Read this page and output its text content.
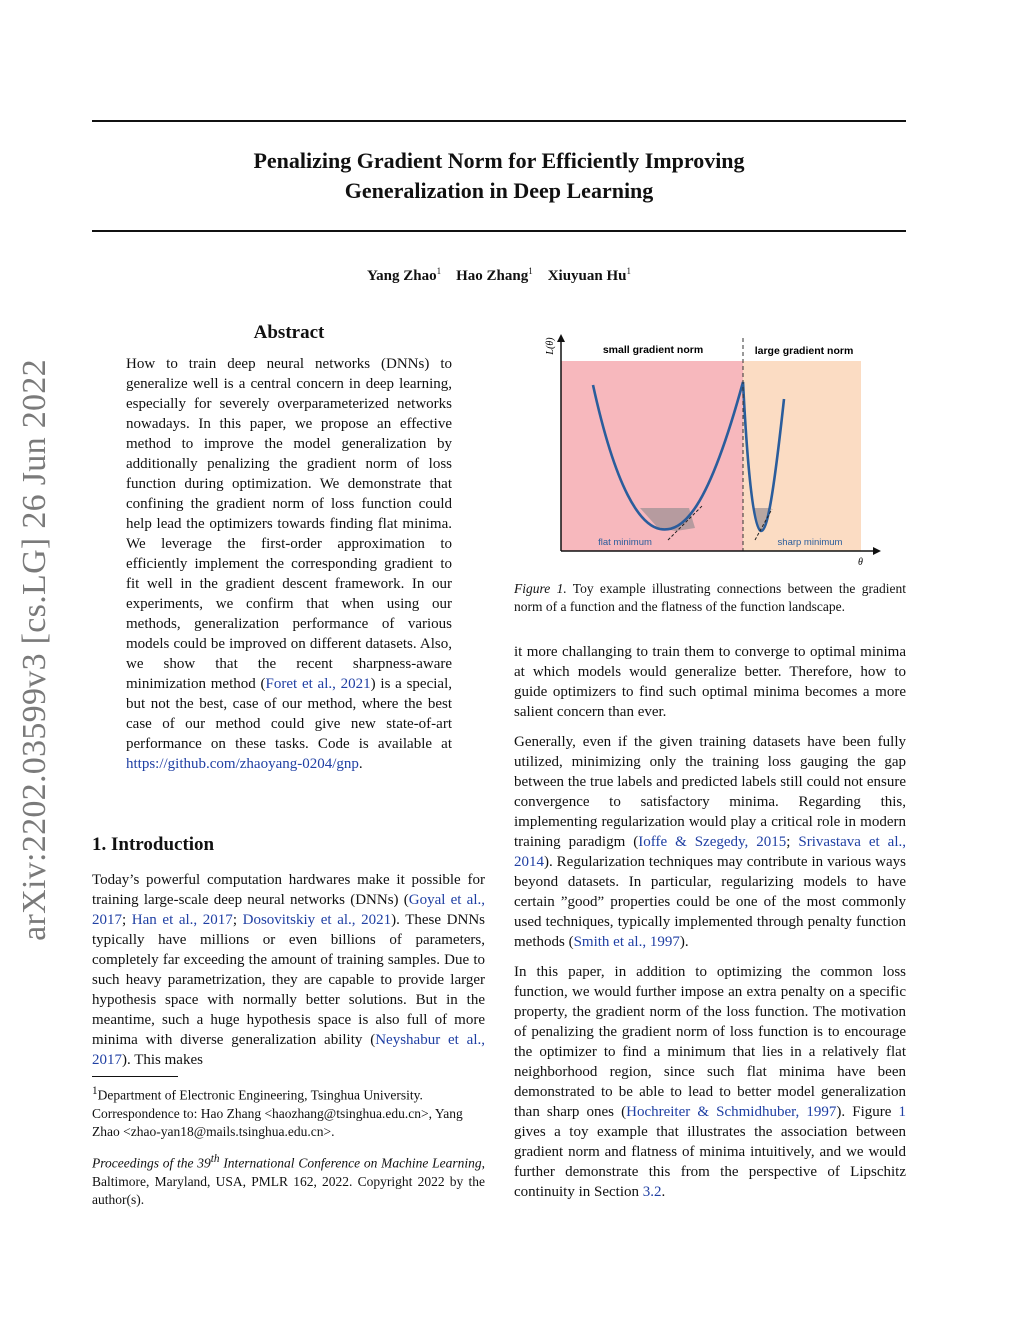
arXiv:2202.03599v3 [cs.LG] 26 Jun 2022
Penalizing Gradient Norm for Efficiently Improving
Generalization in Deep Learning
Yang Zhao$^1$ Hao Zhang$^1$ Xiuyuan Hu$^1$
Abstract
How to train deep neural networks (DNNs) to generalize well is a central concern in deep learning, especially for severely overparameterized networks nowadays. In this paper, we propose an effective method to improve the model generalization by additionally penalizing the gradient norm of loss function during optimization. We demonstrate that confining the gradient norm of loss function could help lead the optimizers towards finding flat minima. We leverage the first-order approximation to efficiently implement the corresponding gradient to fit well in the gradient descent framework. In our experiments, we confirm that when using our methods, generalization performance of various models could be improved on different datasets. Also, we show that the recent sharpness-aware minimization method (Foret et al., 2021) is a special, but not the best, case of our method, where the best case of our method could give new state-of-art performance on these tasks. Code is available at https://github.com/zhaoyang-0204/gnp.
1. Introduction
Today’s powerful computation hardwares make it possible for training large-scale deep neural networks (DNNs) (Goyal et al., 2017; Han et al., 2017; Dosovitskiy et al., 2021). These DNNs typically have millions or even billions of parameters, completely far exceeding the amount of training samples. Due to such heavy parametrization, they are capable to provide larger hypothesis space with normally better solutions. But in the meantime, such a huge hypothesis space is also full of more minima with diverse generalization ability (Neyshabur et al., 2017). This makes
$^1$Department of Electronic Engineering, Tsinghua University. Correspondence to: Hao Zhang <haozhang@tsinghua.edu.cn>, Yang Zhao <zhao-yan18@mails.tsinghua.edu.cn>.
Proceedings of the 39th International Conference on Machine Learning, Baltimore, Maryland, USA, PMLR 162, 2022. Copyright 2022 by the author(s).
L(θ)
θ
small gradient norm	large gradient norm
flat minimum	sharp minimum
Figure 1. Toy example illustrating connections between the gradient norm of a function and the flatness of the function landscape.
it more challanging to train them to converge to optimal minima at which models would generalize better. Therefore, how to guide optimizers to find such optimal minima becomes a more salient concern than ever.
Generally, even if the given training datasets have been fully utilized, minimizing only the training loss gauging the gap between the true labels and predicted labels still could not ensure convergence to satisfactory minima. Regarding this, implementing regularization would play a critical role in modern training paradigm (Ioffe & Szegedy, 2015; Srivastava et al., 2014). Regularization techniques may contribute in various ways beyond datasets. In particular, regularizing models to have certain ”good” properties could be one of the most commonly used techniques, typically implemented through penalty function methods (Smith et al., 1997).
In this paper, in addition to optimizing the common loss function, we would further impose an extra penalty on a specific property, the gradient norm of the loss function. The motivation of penalizing the gradient norm of loss function is to encourage the optimizer to find a minimum that lies in a relatively flat neighborhood region, since such flat minima have been demonstrated to be able to lead to better model generalization than sharp ones (Hochreiter & Schmidhuber, 1997). Figure 1 gives a toy example that illustrates the association between gradient norm and flatness of minima intuitively, and we would further demonstrate this from the perspective of Lipschitz continuity in Section 3.2.
